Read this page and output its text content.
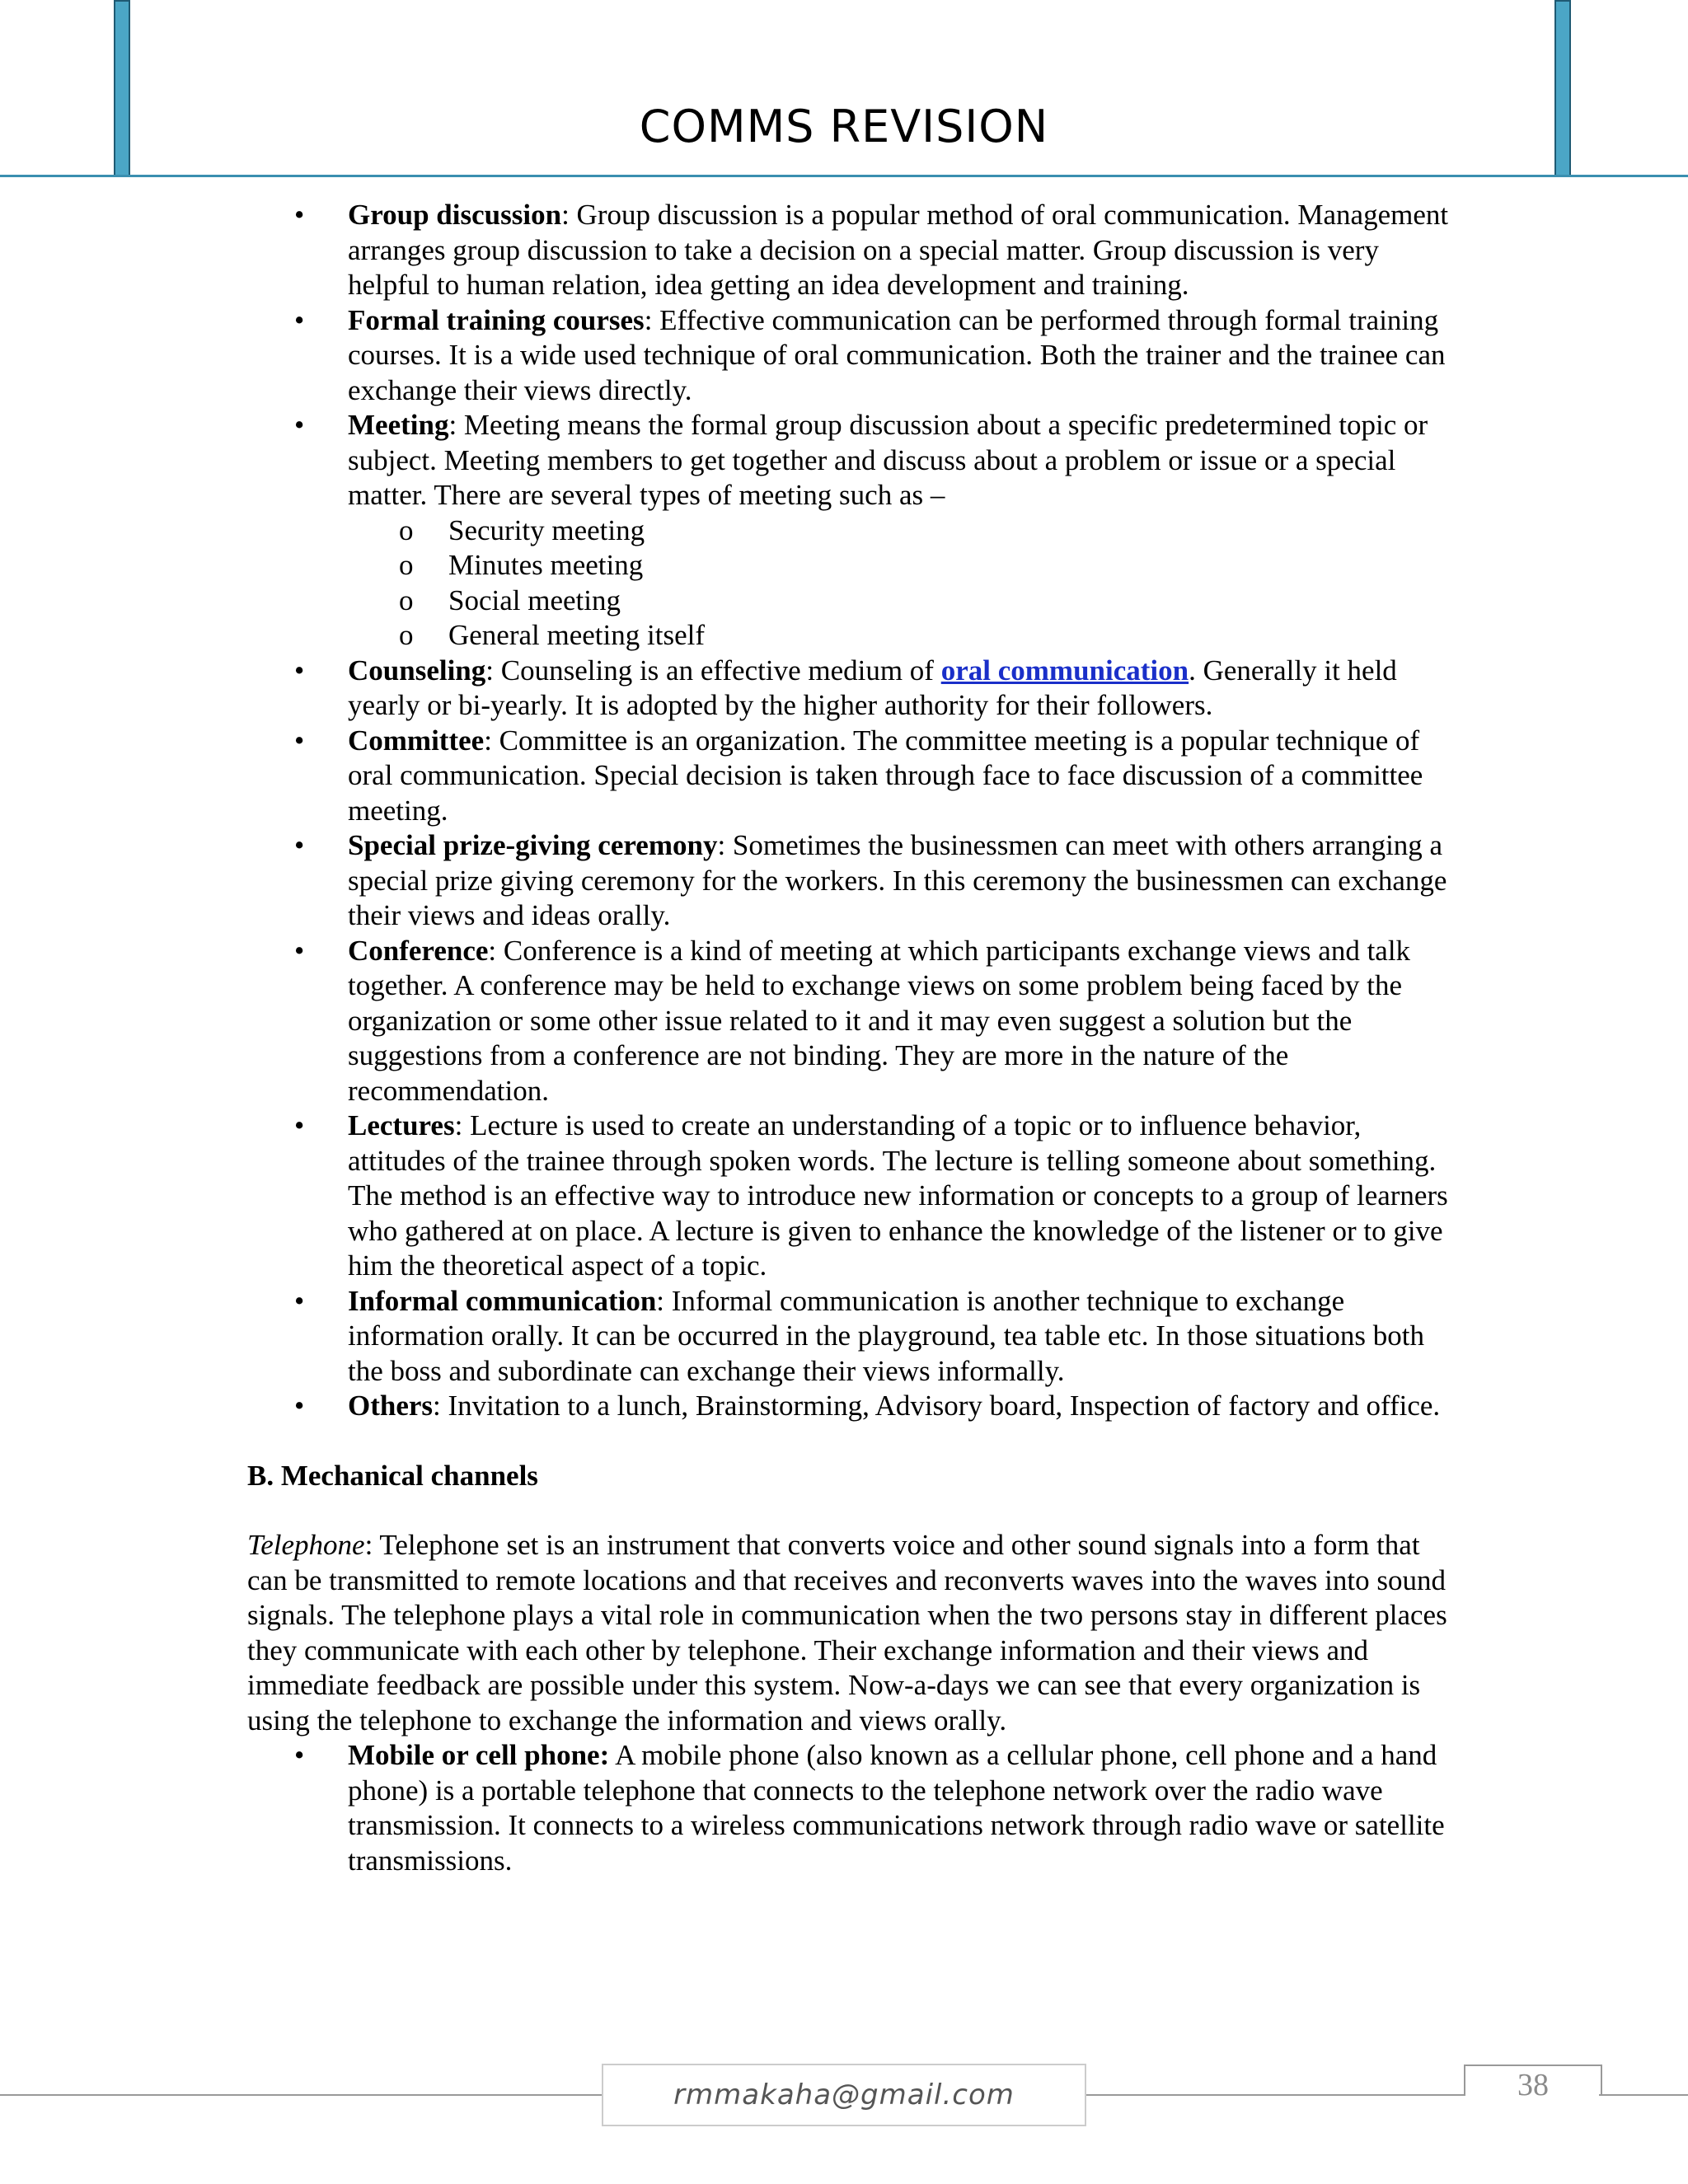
COMMS REVISION
• Group discussion: Group discussion is a popular method of oral communication. Management arranges group discussion to take a decision on a special matter. Group discussion is very helpful to human relation, idea getting an idea development and training.
• Formal training courses: Effective communication can be performed through formal training courses. It is a wide used technique of oral communication. Both the trainer and the trainee can exchange their views directly.
• Meeting: Meeting means the formal group discussion about a specific predetermined topic or subject. Meeting members to get together and discuss about a problem or issue or a special matter. There are several types of meeting such as –
o Security meeting
o Minutes meeting
o Social meeting
o General meeting itself
• Counseling: Counseling is an effective medium of oral communication. Generally it held yearly or bi-yearly. It is adopted by the higher authority for their followers.
• Committee: Committee is an organization. The committee meeting is a popular technique of oral communication. Special decision is taken through face to face discussion of a committee meeting.
• Special prize-giving ceremony: Sometimes the businessmen can meet with others arranging a special prize giving ceremony for the workers. In this ceremony the businessmen can exchange their views and ideas orally.
• Conference: Conference is a kind of meeting at which participants exchange views and talk together. A conference may be held to exchange views on some problem being faced by the organization or some other issue related to it and it may even suggest a solution but the suggestions from a conference are not binding. They are more in the nature of the recommendation.
• Lectures: Lecture is used to create an understanding of a topic or to influence behavior, attitudes of the trainee through spoken words. The lecture is telling someone about something. The method is an effective way to introduce new information or concepts to a group of learners who gathered at on place. A lecture is given to enhance the knowledge of the listener or to give him the theoretical aspect of a topic.
• Informal communication: Informal communication is another technique to exchange information orally. It can be occurred in the playground, tea table etc. In those situations both the boss and subordinate can exchange their views informally.
• Others: Invitation to a lunch, Brainstorming, Advisory board, Inspection of factory and office.
B. Mechanical channels
Telephone: Telephone set is an instrument that converts voice and other sound signals into a form that can be transmitted to remote locations and that receives and reconverts waves into the waves into sound signals. The telephone plays a vital role in communication when the two persons stay in different places they communicate with each other by telephone. Their exchange information and their views and immediate feedback are possible under this system. Now-a-days we can see that every organization is using the telephone to exchange the information and views orally.
• Mobile or cell phone: A mobile phone (also known as a cellular phone, cell phone and a hand phone) is a portable telephone that connects to the telephone network over the radio wave transmission. It connects to a wireless communications network through radio wave or satellite transmissions.
rmmakaha@gmail.com	38
